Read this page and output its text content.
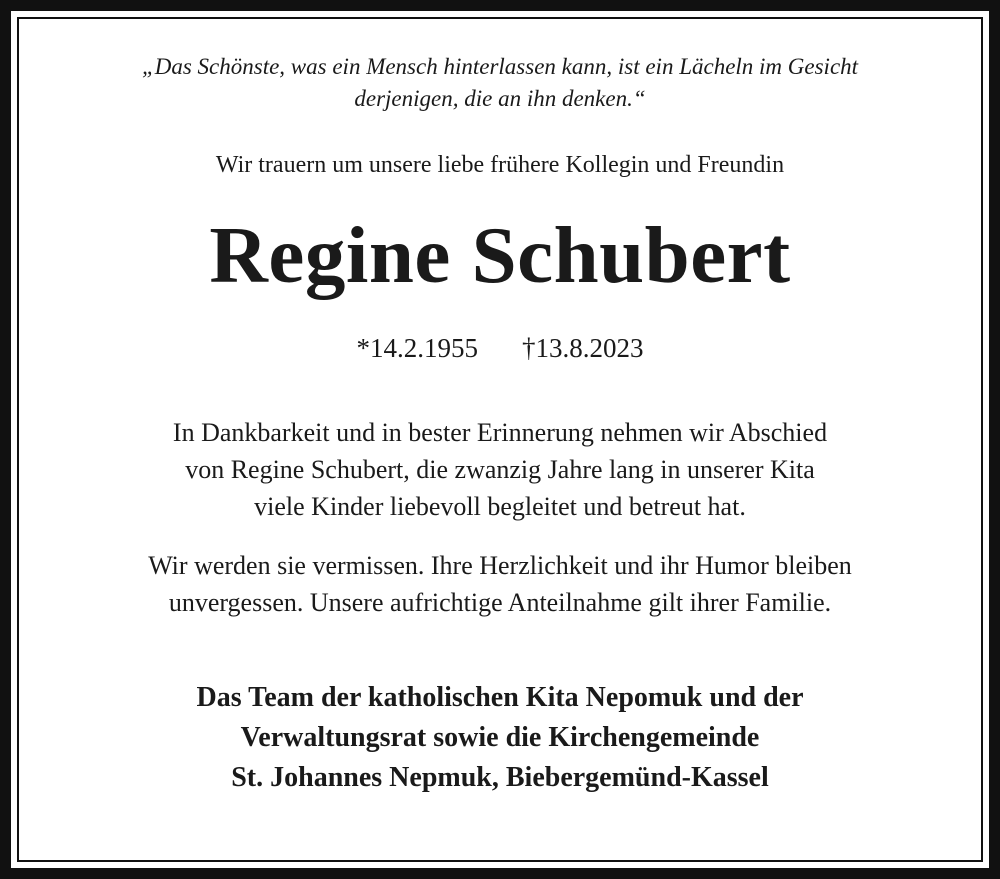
„Das Schönste, was ein Mensch hinterlassen kann, ist ein Lächeln im Gesicht
derjenigen, die an ihn denken.“
Wir trauern um unsere liebe frühere Kollegin und Freundin
Regine Schubert
*14.2.1955 †13.8.2023
In Dankbarkeit und in bester Erinnerung nehmen wir Abschied
von Regine Schubert, die zwanzig Jahre lang in unserer Kita
viele Kinder liebevoll begleitet und betreut hat.
Wir werden sie vermissen. Ihre Herzlichkeit und ihr Humor bleiben
unvergessen. Unsere aufrichtige Anteilnahme gilt ihrer Familie.
Das Team der katholischen Kita Nepomuk und der
Verwaltungsrat sowie die Kirchengemeinde
St. Johannes Nepmuk, Biebergemünd-Kassel
